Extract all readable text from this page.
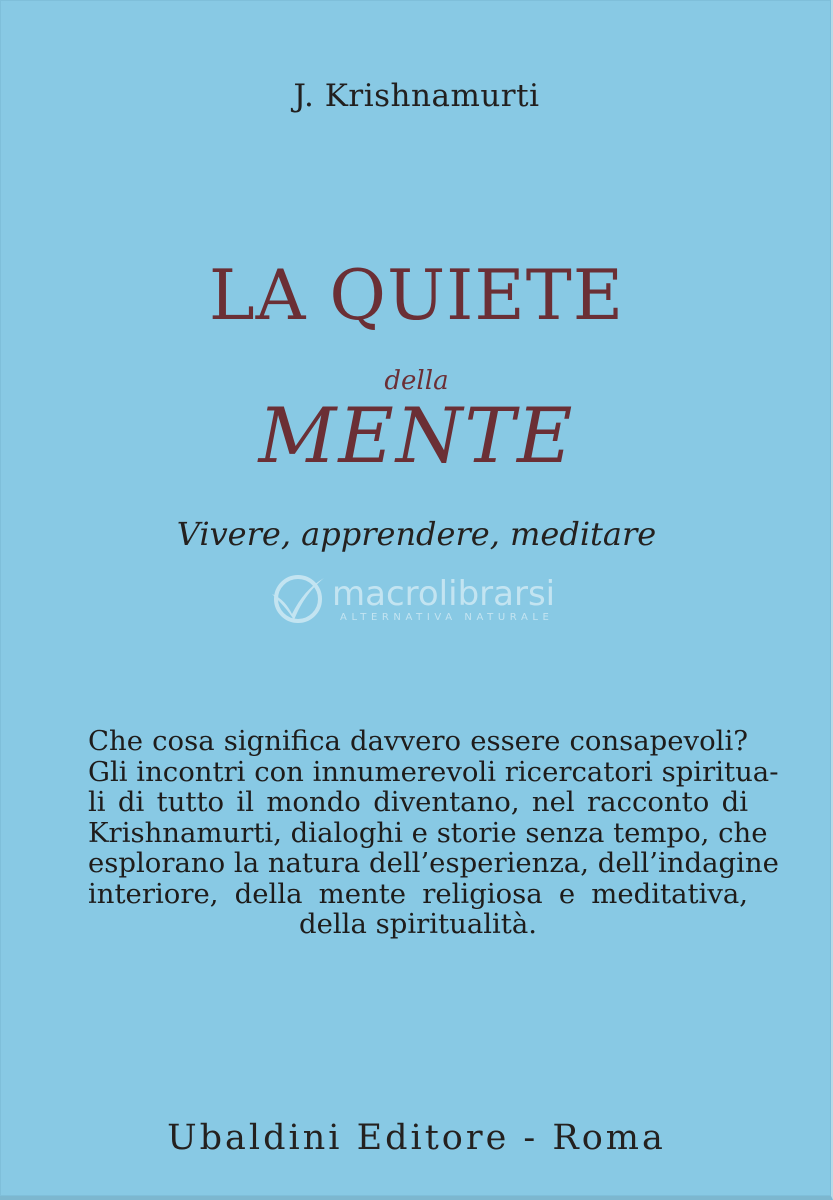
J. Krishnamurti
LA QUIETE
della
MENTE
Vivere, apprendere, meditare
macrolibrarsi
ALTERNATIVA NATURALE
Che cosa significa davvero essere consapevoli?
Gli incontri con innumerevoli ricercatori spiritua-
li di tutto il mondo diventano, nel racconto di
Krishnamurti, dialoghi e storie senza tempo, che
esplorano la natura dell’esperienza, dell’indagine
interiore, della mente religiosa e meditativa,
della spiritualità.
Ubaldini Editore - Roma
